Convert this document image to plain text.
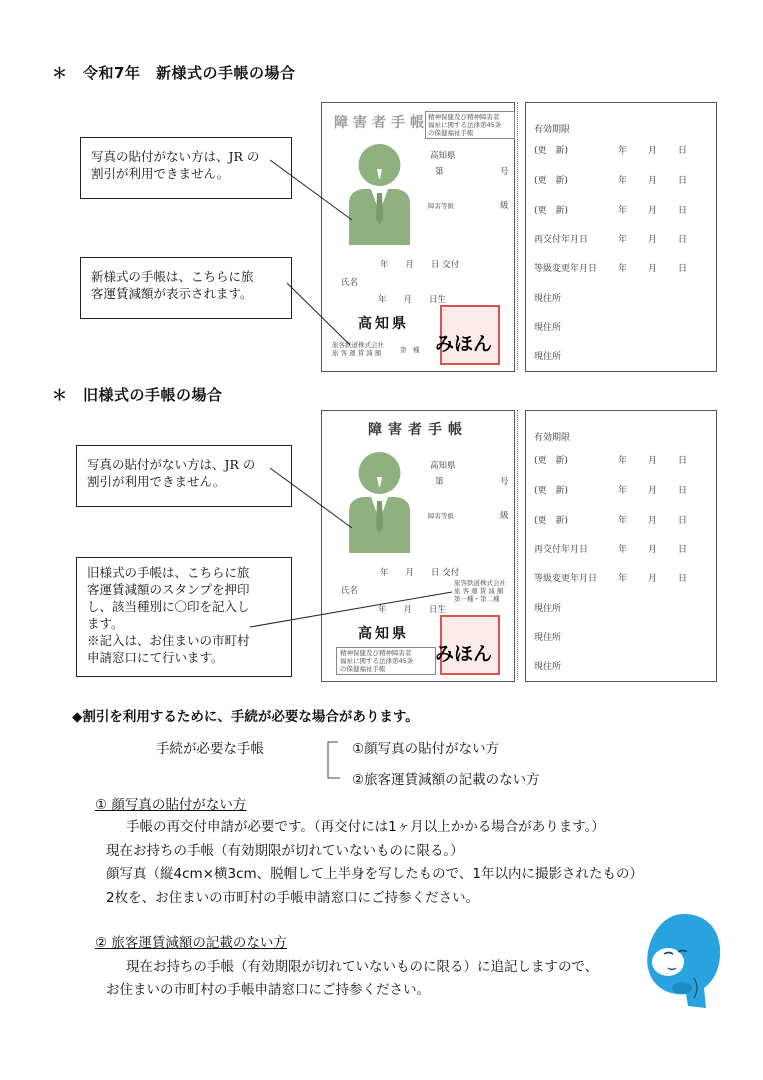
＊　令和7年　新様式の手帳の場合
写真の貼付がない方は、JR の
割引が利用できません。
新様式の手帳は、こちらに旅
客運賃減額が表示されます。
障害者手帳 精神保健及び精神障害者
福祉に関する法律第45条
の保健福祉手帳
高知県
第	号
障害等級	級
年　　月　　日 交付
氏名
年　　月　　日生
高知県
旅客鉄道株式会社
旅 客 運 賃 減 額	第　種 みほん
有効期限
(更　新)	年 月 日
(更　新)	年 月 日
(更　新)	年 月 日
再交付年月日	年 月 日
等級変更年月日 年 月 日
現住所
現住所
現住所
＊　旧様式の手帳の場合
写真の貼付がない方は、JR の
割引が利用できません。
旧様式の手帳は、こちらに旅
客運賃減額のスタンプを押印
し、該当種別に〇印を記入し
ます。
※記入は、お住まいの市町村
申請窓口にて行います。
障害者手帳
高知県
第	号
障害等級	級
年　　月　　日 交付
旅客鉄道株式会社
旅 客 運 賃 減 額
第一種・第二種
氏名
年　　月　　日生
高知県
精神保健及び精神障害者
福祉に関する法律第45条
の保健福祉手帳
みほん
有効期限
(更　新)	年 月 日
(更　新)	年 月 日
(更　新)	年 月 日
再交付年月日	年 月 日
等級変更年月日 年 月 日
現住所
現住所
現住所
◆割引を利用するために、手続が必要な場合があります。
手続が必要な手帳	①顔写真の貼付がない方
②旅客運賃減額の記載のない方
① 顔写真の貼付がない方
手帳の再交付申請が必要です。（再交付には1ヶ月以上かかる場合があります。）
現在お持ちの手帳（有効期限が切れていないものに限る。）
顔写真（縦4cm×横3cm、脱帽して上半身を写したもので、1年以内に撮影されたもの）
2枚を、お住まいの市町村の手帳申請窓口にご持参ください。
② 旅客運賃減額の記載のない方
現在お持ちの手帳（有効期限が切れていないものに限る）に追記しますので、
お住まいの市町村の手帳申請窓口にご持参ください。
